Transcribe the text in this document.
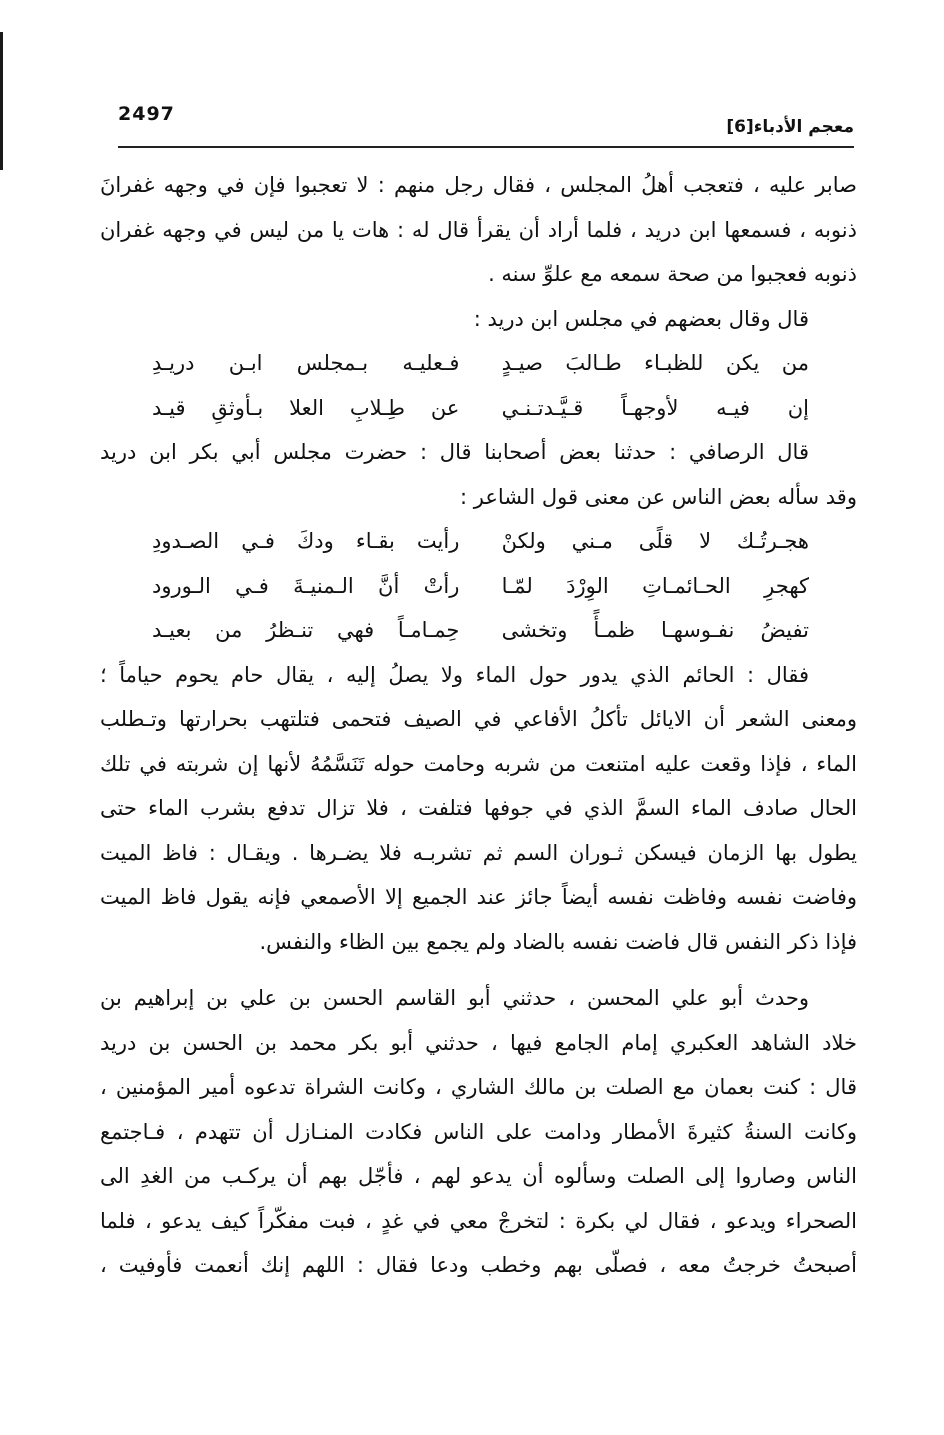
2497
معجم الأدباء[6]
صابر عليه ، فتعجب أهلُ المجلس ، فقال رجل منهم : لا تعجبوا فإن في وجهه غفرانَ
ذنوبه ، فسمعها ابن دريد ، فلما أراد أن يقرأ قال له : هات يا من ليس في وجهه غفران
ذنوبه فعجبوا من صحة سمعه مع علوِّ سنه .
قال وقال بعضهم في مجلس ابن دريد :
من يكن للظبـاء طـالبَ صيـدٍ
فـعليـه بـمجلس ابـن دريـدِ
إن فيـه لأوجهـاً قـيَّـدتـنـي
عن طِـلابِ العلا بـأوثقِ قيـد
قال الرصافي : حدثنا بعض أصحابنا قال : حضرت مجلس أبي بكر ابن دريد
وقد سأله بعض الناس عن معنى قول الشاعر :
هجـرتُـك لا قلًى مـني ولكنْ
رأيت بقـاء ودكَ فـي الصـدودِ
كهجرِ الحـائمـاتِ الوِرْدَ لمّـا
رأتْ أنَّ الـمنيـةَ فـي الـورود
تفيضُ نفـوسهـا ظمـأً وتخشى
حِمـامـاً فهي تنـظرُ من بعيـد
فقال : الحائم الذي يدور حول الماء ولا يصلُ إليه ، يقال حام يحوم حياماً ؛
ومعنى الشعر أن الايائل تأكلُ الأفاعي في الصيف فتحمى فتلتهب بحرارتها وتـطلب
الماء ، فإذا وقعت عليه امتنعت من شربه وحامت حوله تَنَسَّمُهُ لأنها إن شربته في تلك
الحال صادف الماء السمَّ الذي في جوفها فتلفت ، فلا تزال تدفع بشرب الماء حتى
يطول بها الزمان فيسكن ثـوران السم ثم تشربـه فلا يضـرها . ويقـال : فاظ الميت
وفاضت نفسه وفاظت نفسه أيضاً جائز عند الجميع إلا الأصمعي فإنه يقول فاظ الميت
فإذا ذكر النفس قال فاضت نفسه بالضاد ولم يجمع بين الظاء والنفس.
وحدث أبو علي المحسن ، حدثني أبو القاسم الحسن بن علي بن إبراهيم بن
خلاد الشاهد العكبري إمام الجامع فيها ، حدثني أبو بكر محمد بن الحسن بن دريد
قال : كنت بعمان مع الصلت بن مالك الشاري ، وكانت الشراة تدعوه أمير المؤمنين ،
وكانت السنةُ كثيرةَ الأمطار ودامت على الناس فكادت المنـازل أن تتهدم ، فـاجتمع
الناس وصاروا إلى الصلت وسألوه أن يدعو لهم ، فأجّل بهم أن يركـب من الغدِ الى
الصحراء ويدعو ، فقال لي بكرة : لتخرجْ معي في غدٍ ، فبت مفكّراً كيف يدعو ، فلما
أصبحتُ خرجتُ معه ، فصلّى بهم وخطب ودعا فقال : اللهم إنك أنعمت فأوفيت ،
